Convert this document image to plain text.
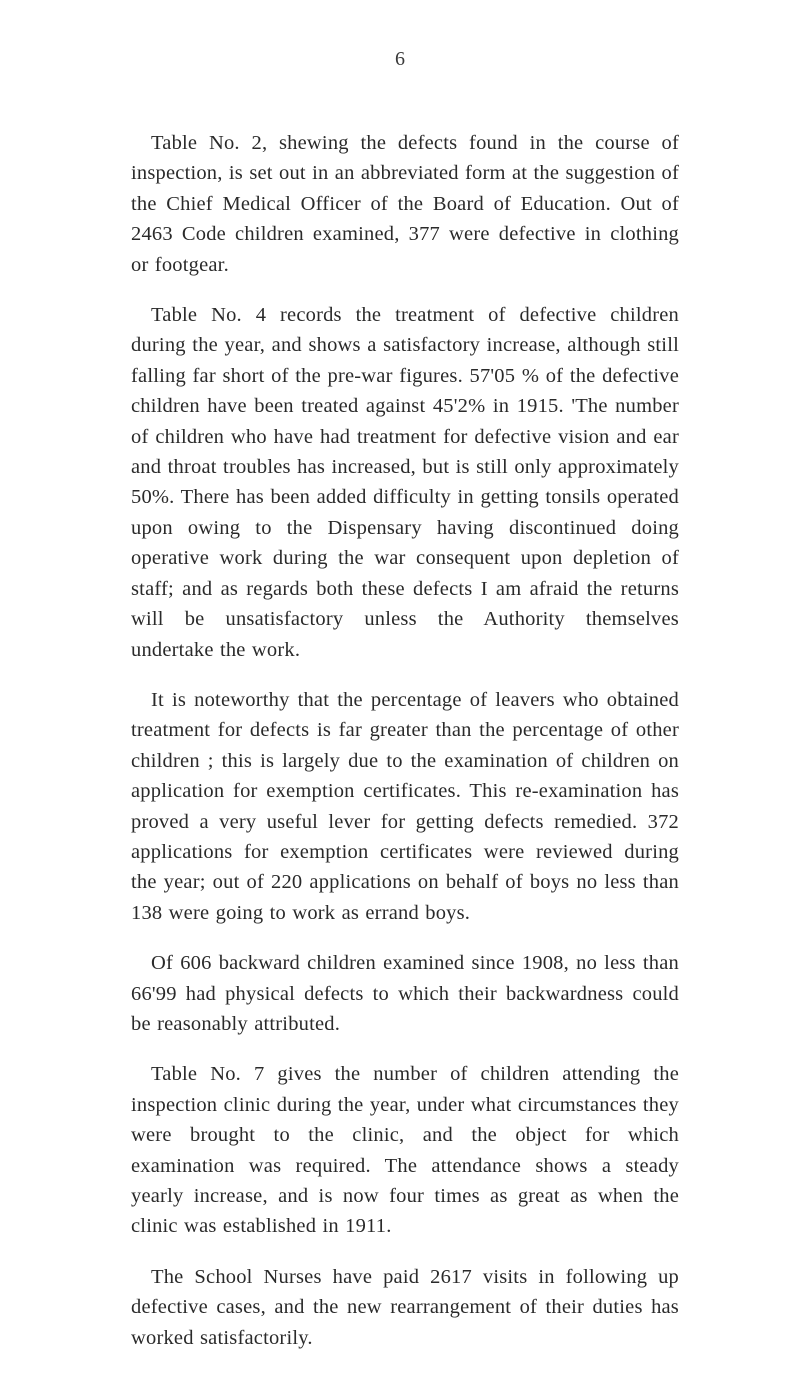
6

Table No. 2, shewing the defects found in the course of inspection, is set out in an abbreviated form at the suggestion of the Chief Medical Officer of the Board of Education. Out of 2463 Code children examined, 377 were defective in clothing or footgear.

Table No. 4 records the treatment of defective children during the year, and shows a satisfactory increase, although still falling far short of the pre-war figures. 57'05 % of the defective children have been treated against 45'2% in 1915. 'The number of children who have had treatment for defective vision and ear and throat troubles has increased, but is still only approximately 50%. There has been added difficulty in getting tonsils operated upon owing to the Dispensary having discontinued doing operative work during the war consequent upon depletion of staff; and as regards both these defects I am afraid the returns will be unsatisfactory unless the Authority themselves undertake the work.

It is noteworthy that the percentage of leavers who obtained treatment for defects is far greater than the percentage of other children ; this is largely due to the examination of children on application for exemption certificates. This re-examination has proved a very useful lever for getting defects remedied. 372 applications for exemption certificates were reviewed during the year; out of 220 applications on behalf of boys no less than 138 were going to work as errand boys.

Of 606 backward children examined since 1908, no less than 66'99 had physical defects to which their backwardness could be reasonably attributed.

Table No. 7 gives the number of children attending the inspection clinic during the year, under what circumstances they were brought to the clinic, and the object for which examination was required. The attendance shows a steady yearly increase, and is now four times as great as when the clinic was established in 1911.

The School Nurses have paid 2617 visits in following up defective cases, and the new rearrangement of their duties has worked satisfactorily.
